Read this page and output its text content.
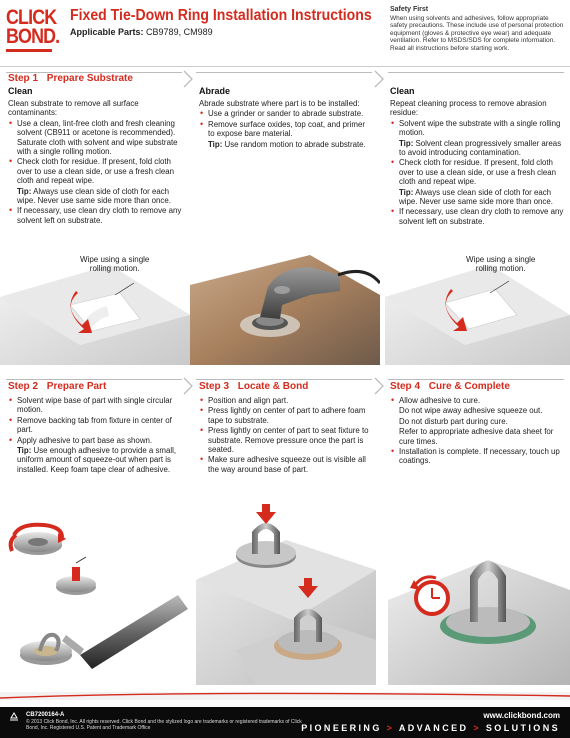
CLICK
BOND.
Fixed Tie-Down Ring Installation Instructions
Applicable Parts: CB9789, CM989
Safety First
When using solvents and adhesives, follow appropriate safety precautions. These include use of personal protection equipment (gloves & protective eye wear) and adequate ventilation. Refer to MSDS/SDS for complete information. Read all instructions before starting work.
Step 1 Prepare Substrate
Clean

Clean substrate to remove all surface contaminants:

• Use a clean, lint-free cloth and fresh cleaning solvent (CB911 or acetone is recommended). Saturate cloth with solvent and wipe substrate with a single rolling motion.
• Check cloth for residue. If present, fold cloth over to use a clean side, or use a fresh clean cloth and repeat wipe.
Tip: Always use clean side of cloth for each wipe. Never use same side more than once.
• If necessary, use clean dry cloth to remove any solvent left on substrate.
Abrade

Abrade substrate where part is to be installed:

• Use a grinder or sander to abrade substrate.
• Remove surface oxides, top coat, and primer to expose bare material.
Tip: Use random motion to abrade substrate.
Clean

Repeat cleaning process to remove abrasion residue:

• Solvent wipe the substrate with a single rolling motion.
Tip: Solvent clean progressively smaller areas to avoid introducing contamination.
• Check cloth for residue. If present, fold cloth over to use a clean side, or use a fresh clean cloth and repeat wipe.
Tip: Always use clean side of cloth for each wipe. Never use same side more than once.
• If necessary, use clean dry cloth to remove any solvent left on substrate.
Wipe using a single
rolling motion.
Wipe using a single
rolling motion.
Step 2 Prepare Part	Step 3 Locate & Bond	Step 4 Cure & Complete
• Solvent wipe base of part with single circular motion.
• Remove backing tab from fixture in center of part.
• Apply adhesive to part base as shown.
Tip: Use enough adhesive to provide a small, uniform amount of squeeze-out when part is installed. Keep foam tape clear of adhesive.
• Position and align part.
• Press lightly on center of part to adhere foam tape to substrate.
• Press lightly on center of part to seat fixture to substrate. Remove pressure once the part is seated.
• Make sure adhesive squeeze out is visible all the way around base of part.
• Allow adhesive to cure.
Do not wipe away adhesive squeeze out.
Do not disturb part during cure.
Refer to appropriate adhesive data sheet for cure times.
• Installation is complete. If necessary, touch up coatings.
CB7200164-A
© 2013 Click Bond, Inc. All rights reserved. Click Bond and the stylized logo are trademarks or registered trademarks of Click Bond, Inc. Registered U.S. Patent and Trademark Office
www.clickbond.com
PIONEERING > ADVANCED > SOLUTIONS
